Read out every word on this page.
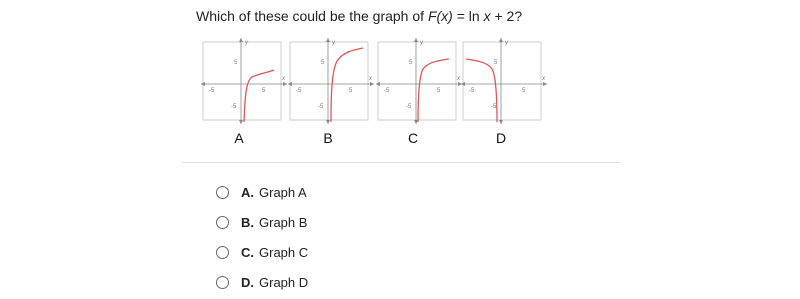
Which of these could be the graph of F(x) = ln x + 2?
y
x
5
-5
-5	5
A
y
x
5
-5
-5	5
B
y
x
5
-5
-5	5
C
y
x
5
-5
-5	5
D
A. Graph A
B. Graph B
C. Graph C
D. Graph D
